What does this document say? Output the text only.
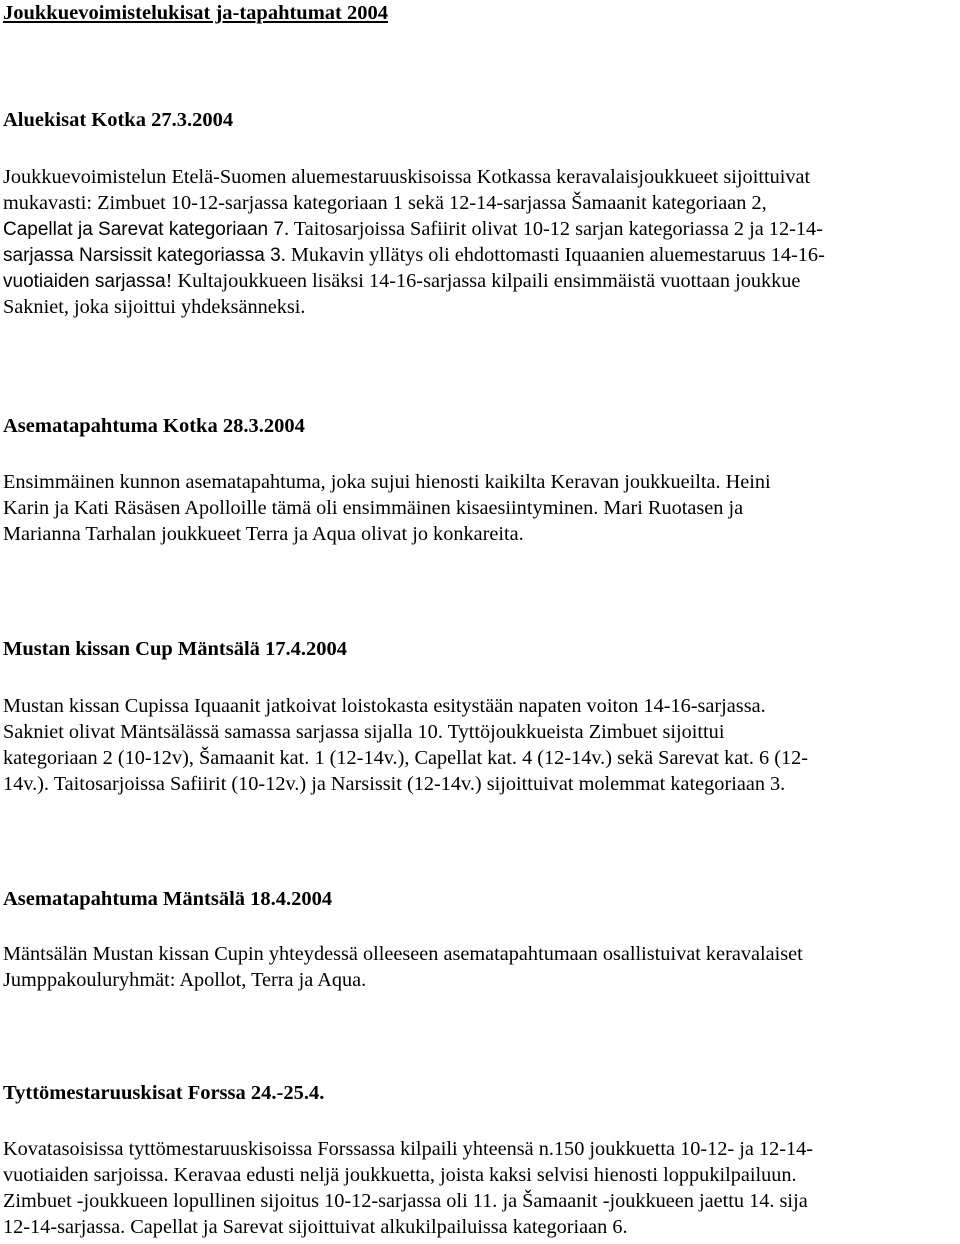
Joukkuevoimistelukisat ja-tapahtumat 2004
Aluekisat Kotka 27.3.2004
Joukkuevoimistelun Etelä-Suomen aluemestaruuskisoissa Kotkassa keravalaisjoukkueet sijoittuivat
mukavasti: Zimbuet 10-12-sarjassa kategoriaan 1 sekä 12-14-sarjassa Šamaanit kategoriaan 2,
Capellat ja Sarevat kategoriaan 7. Taitosarjoissa Safiirit olivat 10-12 sarjan kategoriassa 2 ja 12-14-
sarjassa Narsissit kategoriassa 3. Mukavin yllätys oli ehdottomasti Iquaanien aluemestaruus 14-16-
vuotiaiden sarjassa! Kultajoukkueen lisäksi 14-16-sarjassa kilpaili ensimmäistä vuottaan joukkue
Sakniet, joka sijoittui yhdeksänneksi.
Asematapahtuma Kotka 28.3.2004
Ensimmäinen kunnon asematapahtuma, joka sujui hienosti kaikilta Keravan joukkueilta. Heini
Karin ja Kati Räsäsen Apolloille tämä oli ensimmäinen kisaesiintyminen. Mari Ruotasen ja
Marianna Tarhalan joukkueet Terra ja Aqua olivat jo konkareita.
Mustan kissan Cup Mäntsälä 17.4.2004
Mustan kissan Cupissa Iquaanit jatkoivat loistokasta esitystään napaten voiton 14-16-sarjassa.
Sakniet olivat Mäntsälässä samassa sarjassa sijalla 10. Tyttöjoukkueista Zimbuet sijoittui
kategoriaan 2 (10-12v), Šamaanit kat. 1 (12-14v.), Capellat kat. 4 (12-14v.) sekä Sarevat kat. 6 (12-
14v.). Taitosarjoissa Safiirit (10-12v.) ja Narsissit (12-14v.) sijoittuivat molemmat kategoriaan 3.
Asematapahtuma Mäntsälä 18.4.2004
Mäntsälän Mustan kissan Cupin yhteydessä olleeseen asematapahtumaan osallistuivat keravalaiset
Jumppakouluryhmät: Apollot, Terra ja Aqua.
Tyttömestaruuskisat Forssa 24.-25.4.
Kovatasoisissa tyttömestaruuskisoissa Forssassa kilpaili yhteensä n.150 joukkuetta 10-12- ja 12-14-
vuotiaiden sarjoissa. Keravaa edusti neljä joukkuetta, joista kaksi selvisi hienosti loppukilpailuun.
Zimbuet -joukkueen lopullinen sijoitus 10-12-sarjassa oli 11. ja Šamaanit -joukkueen jaettu 14. sija
12-14-sarjassa. Capellat ja Sarevat sijoittuivat alkukilpailuissa kategoriaan 6.
